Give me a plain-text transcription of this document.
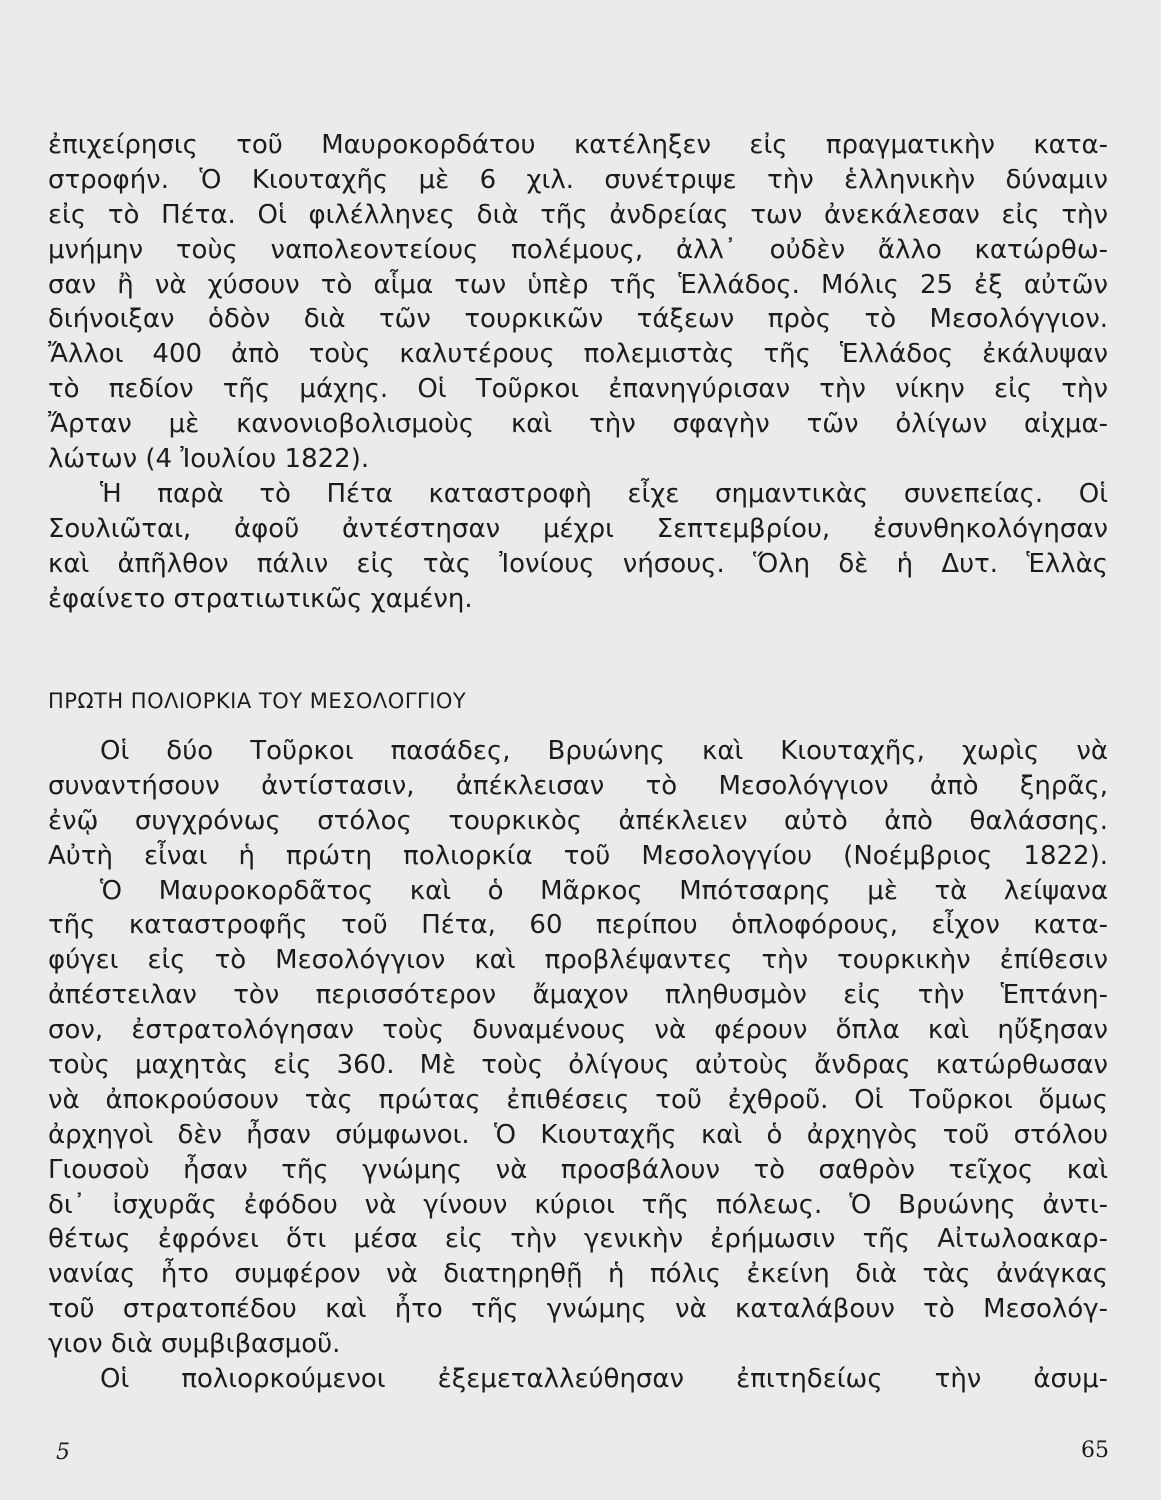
ἐπιχείρησις τοῦ Μαυροκορδάτου κατέληξεν εἰς πραγματικὴν κατα-
στροφήν. Ὁ Κιουταχῆς μὲ 6 χιλ. συνέτριψε τὴν ἑλληνικὴν δύναμιν
εἰς τὸ Πέτα. Οἱ φιλέλληνες διὰ τῆς ἀνδρείας των ἀνεκάλεσαν εἰς τὴν
μνήμην τοὺς ναπολεοντείους πολέμους, ἀλλ᾽ οὐδὲν ἄλλο κατώρθω-
σαν ἢ νὰ χύσουν τὸ αἷμα των ὑπὲρ τῆς Ἑλλάδος. Μόλις 25 ἐξ αὐτῶν
διήνοιξαν ὁδὸν διὰ τῶν τουρκικῶν τάξεων πρὸς τὸ Μεσολόγγιον.
Ἄλλοι 400 ἀπὸ τοὺς καλυτέρους πολεμιστὰς τῆς Ἑλλάδος ἐκάλυψαν
τὸ πεδίον τῆς μάχης. Οἱ Τοῦρκοι ἐπανηγύρισαν τὴν νίκην εἰς τὴν
Ἄρταν μὲ κανονιοβολισμοὺς καὶ τὴν σφαγὴν τῶν ὀλίγων αἰχμα-
λώτων (4 Ἰουλίου 1822).
Ἡ παρὰ τὸ Πέτα καταστροφὴ εἶχε σημαντικὰς συνεπείας. Οἱ
Σουλιῶται, ἀφοῦ ἀντέστησαν μέχρι Σεπτεμβρίου, ἐσυνθηκολόγησαν
καὶ ἀπῆλθον πάλιν εἰς τὰς Ἰονίους νήσους. Ὅλη δὲ ἡ Δυτ. Ἑλλὰς
ἐφαίνετο στρατιωτικῶς χαμένη.
ΠΡΩΤΗ ΠΟΛΙΟΡΚΙΑ ΤΟΥ ΜΕΣΟΛΟΓΓΙΟΥ
Οἱ δύο Τοῦρκοι πασάδες, Βρυώνης καὶ Κιουταχῆς, χωρὶς νὰ
συναντήσουν ἀντίστασιν, ἀπέκλεισαν τὸ Μεσολόγγιον ἀπὸ ξηρᾶς,
ἐνῷ συγχρόνως στόλος τουρκικὸς ἀπέκλειεν αὐτὸ ἀπὸ θαλάσσης.
Αὐτὴ εἶναι ἡ πρώτη πολιορκία τοῦ Μεσολογγίου (Νοέμβριος 1822).
Ὁ Μαυροκορδᾶτος καὶ ὁ Μᾶρκος Μπότσαρης μὲ τὰ λείψανα
τῆς καταστροφῆς τοῦ Πέτα, 60 περίπου ὁπλοφόρους, εἶχον κατα-
φύγει εἰς τὸ Μεσολόγγιον καὶ προβλέψαντες τὴν τουρκικὴν ἐπίθεσιν
ἀπέστειλαν τὸν περισσότερον ἄμαχον πληθυσμὸν εἰς τὴν Ἑπτάνη-
σον, ἐστρατολόγησαν τοὺς δυναμένους νὰ φέρουν ὅπλα καὶ ηὔξησαν
τοὺς μαχητὰς εἰς 360. Μὲ τοὺς ὀλίγους αὐτοὺς ἄνδρας κατώρθωσαν
νὰ ἀποκρούσουν τὰς πρώτας ἐπιθέσεις τοῦ ἐχθροῦ. Οἱ Τοῦρκοι ὅμως
ἀρχηγοὶ δὲν ἦσαν σύμφωνοι. Ὁ Κιουταχῆς καὶ ὁ ἀρχηγὸς τοῦ στόλου
Γιουσοὺ ἦσαν τῆς γνώμης νὰ προσβάλουν τὸ σαθρὸν τεῖχος καὶ
δι᾽ ἰσχυρᾶς ἐφόδου νὰ γίνουν κύριοι τῆς πόλεως. Ὁ Βρυώνης ἀντι-
θέτως ἐφρόνει ὅτι μέσα εἰς τὴν γενικὴν ἐρήμωσιν τῆς Αἰτωλοακαρ-
νανίας ἦτο συμφέρον νὰ διατηρηθῇ ἡ πόλις ἐκείνη διὰ τὰς ἀνάγκας
τοῦ στρατοπέδου καὶ ἦτο τῆς γνώμης νὰ καταλάβουν τὸ Μεσολόγ-
γιον διὰ συμβιβασμοῦ.
Οἱ πολιορκούμενοι ἐξεμεταλλεύθησαν ἐπιτηδείως τὴν ἀσυμ-
5	65
